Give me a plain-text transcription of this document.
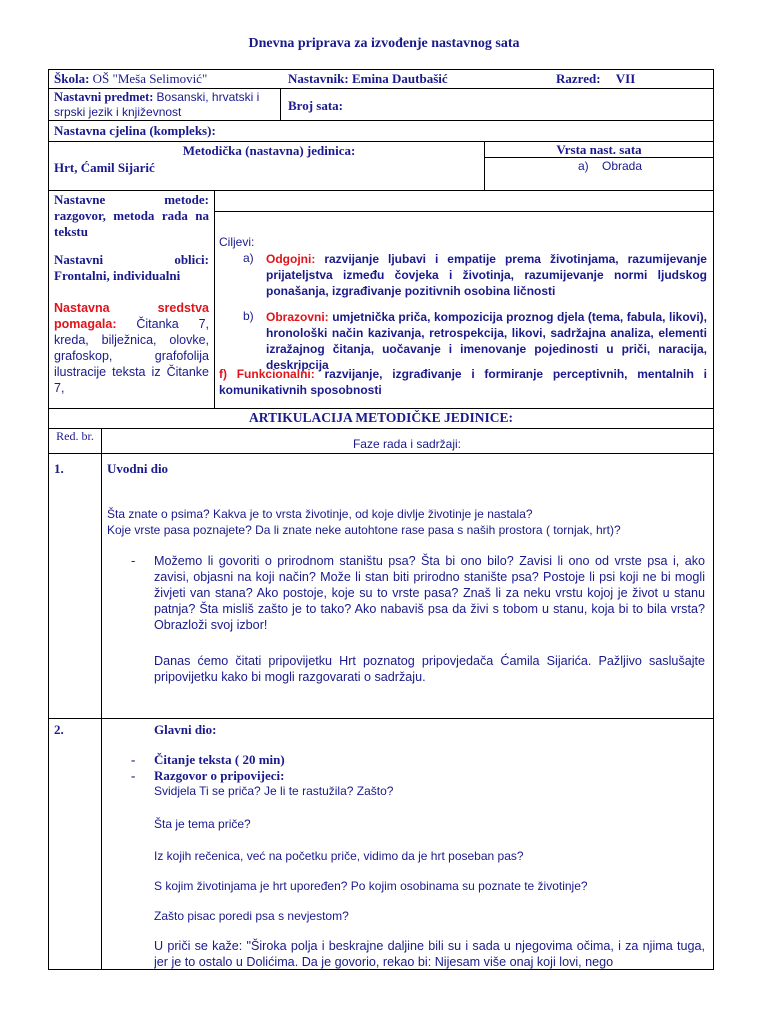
Dnevna priprava za izvođenje nastavnog sata
Škola: OŠ "Meša Selimović"	Nastavnik: Emina Dautbašić	Razred: VII
Nastavni predmet: Bosanski, hrvatski i srpski jezik i književnost	Broj sata:
Nastavna cjelina (kompleks):
Metodička (nastavna) jedinica:
Hrt, Ćamil Sijarić
Vrsta nast. sata
a)    Obrada
Nastavne metode:
razgovor, metoda rada na tekstu
Nastavni oblici:
Frontalni, individualni
Nastavna sredstva pomagala: Čitanka 7, kreda, bilježnica, olovke, grafoskop, grafofolija ilustracije teksta iz Čitanke 7,
Ciljevi:
a) Odgojni: razvijanje ljubavi i empatije prema životinjama, razumijevanje prijateljstva između čovjeka i životinja, razumijevanje normi ljudskog ponašanja, izgrađivanje pozitivnih osobina ličnosti
b) Obrazovni: umjetnička priča, kompozicija proznog djela (tema, fabula, likovi), hronološki način kazivanja, retrospekcija, likovi, sadržajna analiza, elementi izražajnog čitanja, uočavanje i imenovanje pojedinosti u priči, naracija, deskripcija
f) Funkcionalni: razvijanje, izgrađivanje i formiranje perceptivnih, mentalnih i komunikativnih sposobnosti
ARTIKULACIJA METODIČKE JEDINICE:
Red. br.
Faze rada i sadržaji:
1.	Uvodni dio
Šta znate o psima? Kakva je to vrsta životinje, od koje divlje životinje je nastala?
Koje vrste pasa poznajete? Da li znate neke autohtone rase pasa s naših prostora ( tornjak, hrt)?
- Možemo li govoriti o prirodnom staništu psa? Šta bi ono bilo? Zavisi li ono od vrste psa i, ako zavisi, objasni na koji način? Može li stan biti prirodno stanište psa? Postoje li psi koji ne bi mogli živjeti van stana? Ako postoje, koje su to vrste pasa? Znaš li za neku vrstu kojoj je život u stanu patnja? Šta misliš zašto je to tako? Ako nabaviš psa da živi s tobom u stanu, koja bi to bila vrsta? Obrazloži svoj izbor!
Danas ćemo čitati pripovijetku Hrt poznatog pripovjedača Ćamila Sijarića. Pažljivo saslušajte pripovijetku kako bi mogli razgovarati o sadržaju.
2.	Glavni dio:
- Čitanje teksta ( 20 min)
- Razgovor o pripovijeci:
Svidjela Ti se priča? Je li te rastužila? Zašto?
Šta je tema priče?
Iz kojih rečenica, već na početku priče, vidimo da je hrt poseban pas?
S kojim životinjama je hrt upoređen? Po kojim osobinama su poznate te životinje?
Zašto pisac poredi psa s nevjestom?
U priči se kaže: "Široka polja i beskrajne daljine bili su i sada u njegovima očima, i za njima tuga, jer je to ostalo u Dolićima. Da je govorio, rekao bi: Nijesam više onaj koji lovi, nego
